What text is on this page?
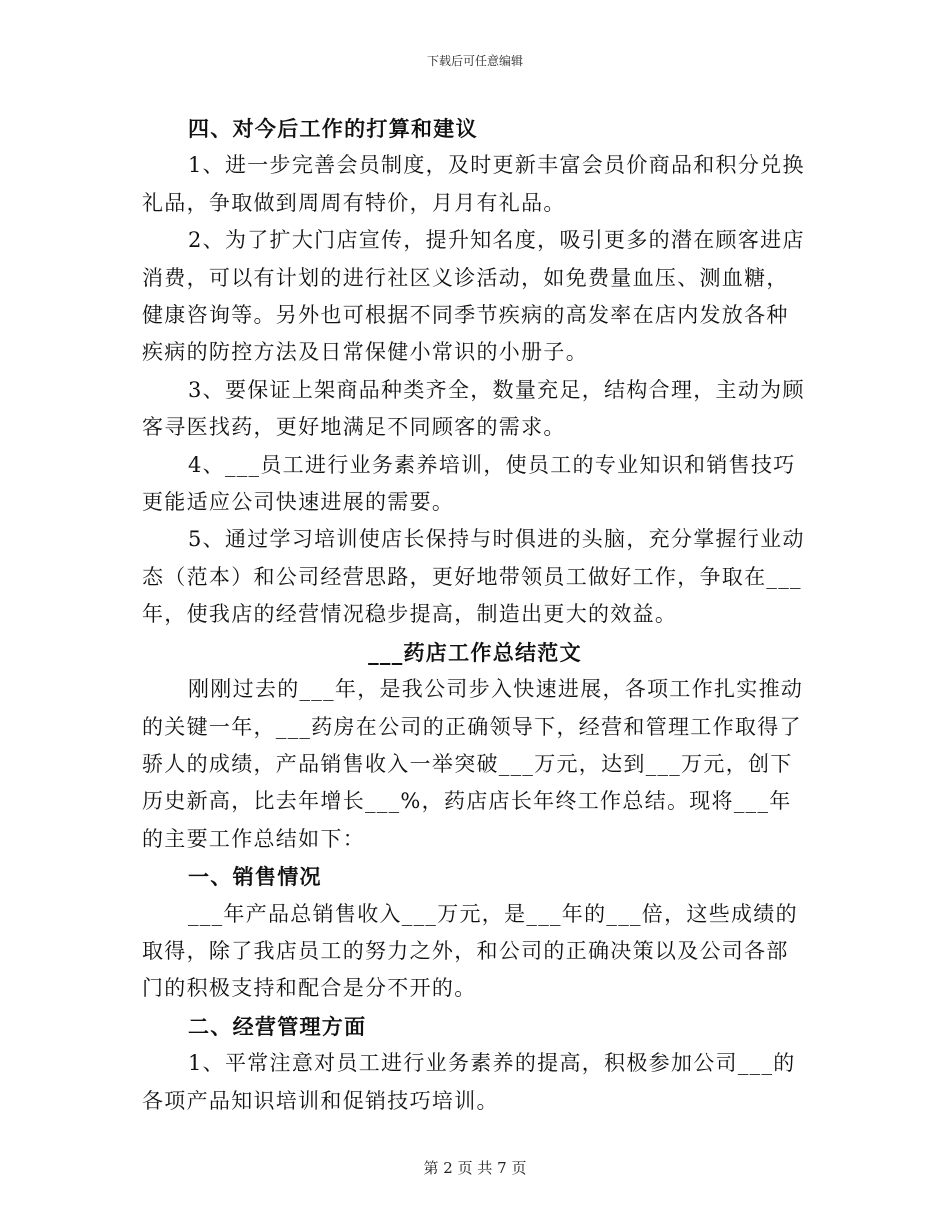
下载后可任意编辑

四、对今后工作的打算和建议

1、进一步完善会员制度，及时更新丰富会员价商品和积分兑换礼品，争取做到周周有特价，月月有礼品。

2、为了扩大门店宣传，提升知名度，吸引更多的潜在顾客进店消费，可以有计划的进行社区义诊活动，如免费量血压、测血糖，健康咨询等。另外也可根据不同季节疾病的高发率在店内发放各种疾病的防控方法及日常保健小常识的小册子。

3、要保证上架商品种类齐全，数量充足，结构合理，主动为顾客寻医找药，更好地满足不同顾客的需求。

4、___员工进行业务素养培训，使员工的专业知识和销售技巧更能适应公司快速进展的需要。

5、通过学习培训使店长保持与时俱进的头脑，充分掌握行业动态（范本）和公司经营思路，更好地带领员工做好工作，争取在___年，使我店的经营情况稳步提高，制造出更大的效益。

___药店工作总结范文

刚刚过去的___年，是我公司步入快速进展，各项工作扎实推动的关键一年，___药房在公司的正确领导下，经营和管理工作取得了骄人的成绩，产品销售收入一举突破___万元，达到___万元，创下历史新高，比去年增长___%，药店店长年终工作总结。现将___年的主要工作总结如下：

一、销售情况

___年产品总销售收入___万元，是___年的___倍，这些成绩的取得，除了我店员工的努力之外，和公司的正确决策以及公司各部门的积极支持和配合是分不开的。

二、经营管理方面

1、平常注意对员工进行业务素养的提高，积极参加公司___的各项产品知识培训和促销技巧培训。

第 2 页 共 7 页
